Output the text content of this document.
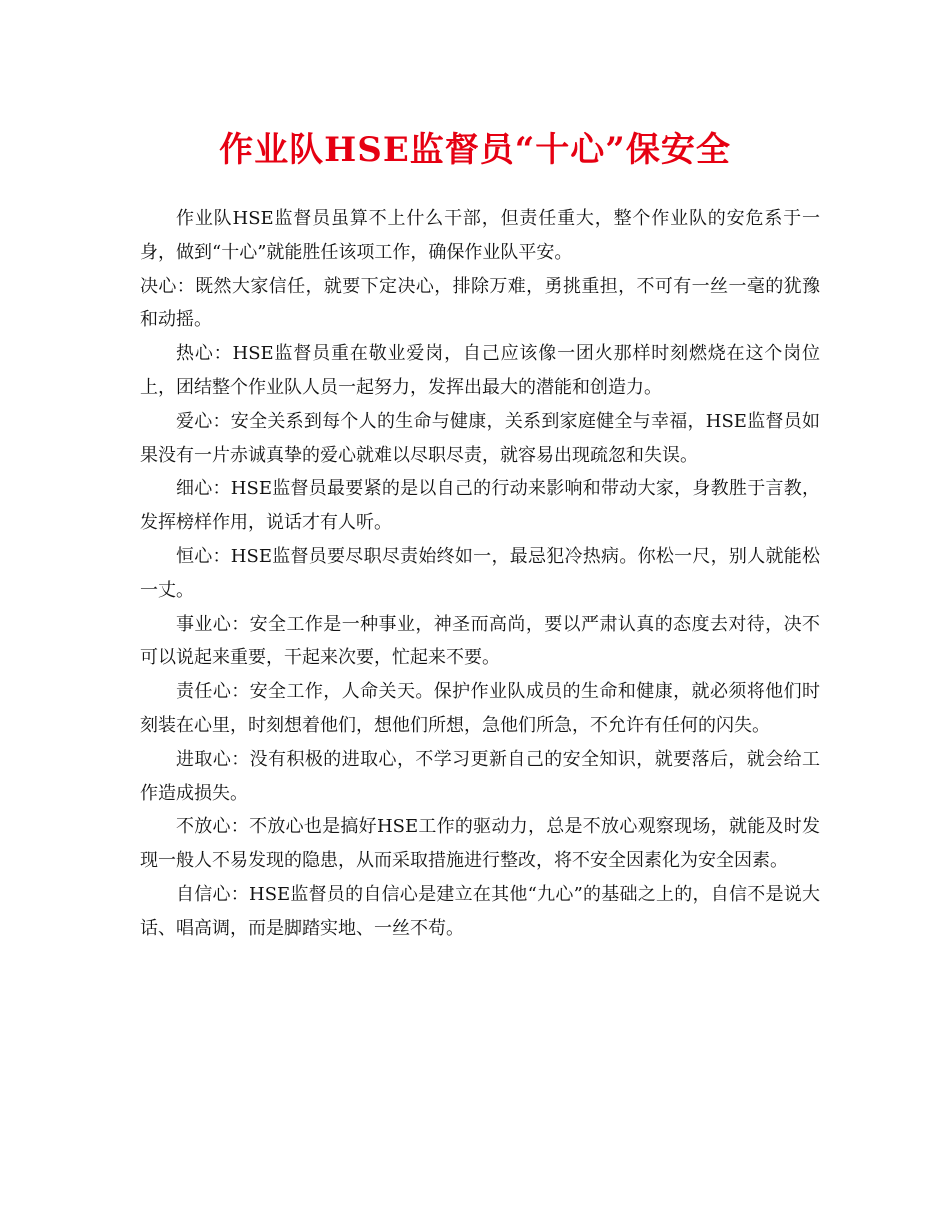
作业队HSE监督员“十心”保安全

作业队HSE监督员虽算不上什么干部，但责任重大，整个作业队的安危系于一身，做到“十心”就能胜任该项工作，确保作业队平安。

决心：既然大家信任，就要下定决心，排除万难，勇挑重担，不可有一丝一毫的犹豫和动摇。

热心：HSE监督员重在敬业爱岗，自己应该像一团火那样时刻燃烧在这个岗位上，团结整个作业队人员一起努力，发挥出最大的潜能和创造力。

爱心：安全关系到每个人的生命与健康，关系到家庭健全与幸福，HSE监督员如果没有一片赤诚真挚的爱心就难以尽职尽责，就容易出现疏忽和失误。

细心：HSE监督员最要紧的是以自己的行动来影响和带动大家，身教胜于言教，发挥榜样作用，说话才有人听。

恒心：HSE监督员要尽职尽责始终如一，最忌犯冷热病。你松一尺，别人就能松一丈。

事业心：安全工作是一种事业，神圣而高尚，要以严肃认真的态度去对待，决不可以说起来重要，干起来次要，忙起来不要。

责任心：安全工作，人命关天。保护作业队成员的生命和健康，就必须将他们时刻装在心里，时刻想着他们，想他们所想，急他们所急，不允许有任何的闪失。

进取心：没有积极的进取心，不学习更新自己的安全知识，就要落后，就会给工作造成损失。

不放心：不放心也是搞好HSE工作的驱动力，总是不放心观察现场，就能及时发现一般人不易发现的隐患，从而采取措施进行整改，将不安全因素化为安全因素。

自信心：HSE监督员的自信心是建立在其他“九心”的基础之上的，自信不是说大话、唱高调，而是脚踏实地、一丝不苟。
